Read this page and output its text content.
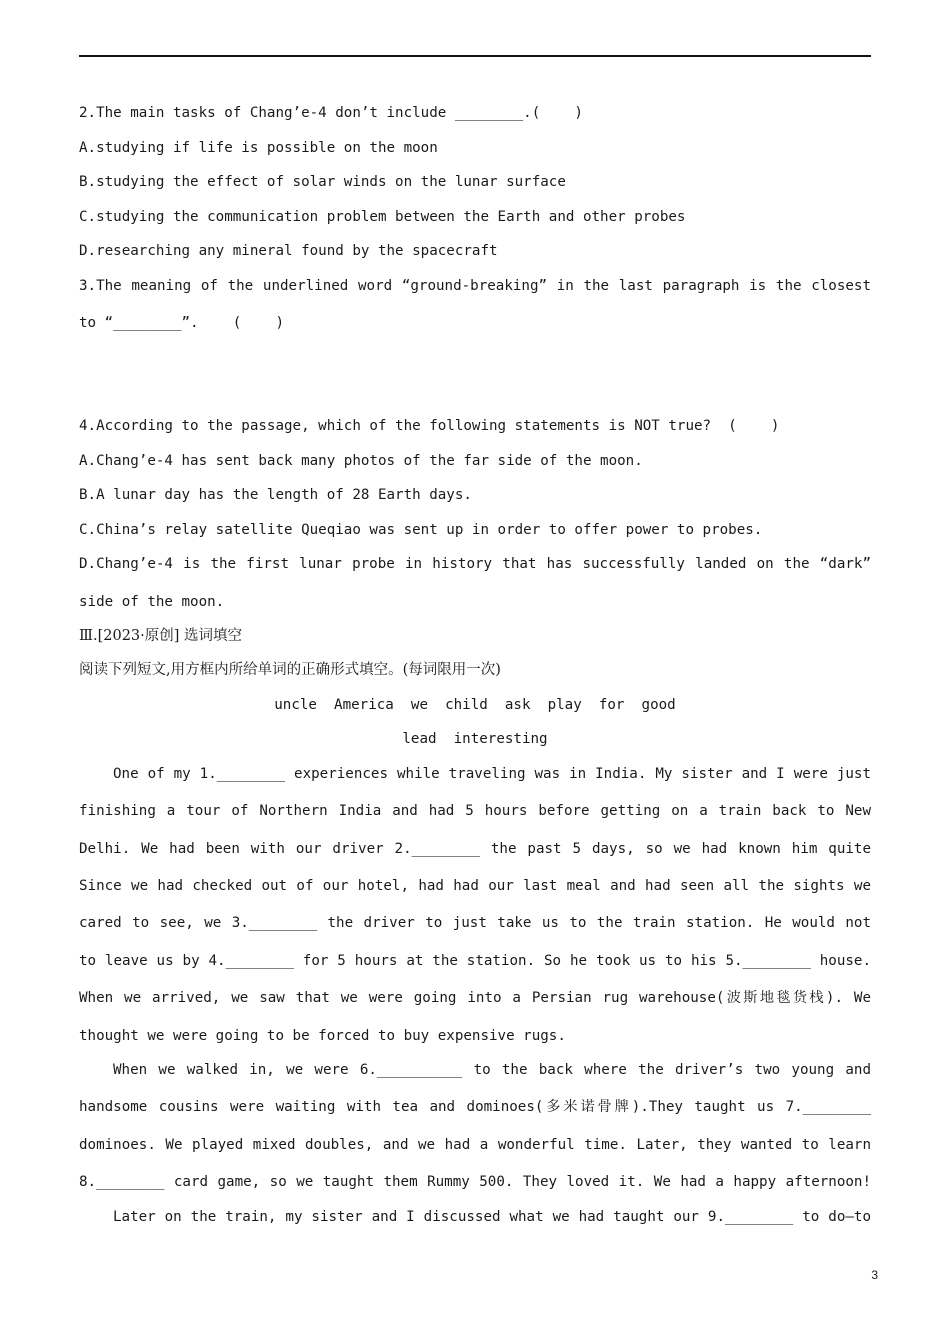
2.The main tasks of Chang’e-4 don’t include ________.(    )
A.studying if life is possible on the moon
B.studying the effect of solar winds on the lunar surface
C.studying the communication problem between the Earth and other probes
D.researching any mineral found by the spacecraft
3.The meaning of the underlined word “ground-breaking” in the last paragraph is the closest
to “________”.    (    )

4.According to the passage, which of the following statements is NOT true?  (    )
A.Chang’e-4 has sent back many photos of the far side of the moon.
B.A lunar day has the length of 28 Earth days.
C.China’s relay satellite Queqiao was sent up in order to offer power to probes.
D.Chang’e-4 is the first lunar probe in history that has successfully landed on the “dark”
side of the moon.
Ⅲ.[2023·原创] 选词填空
阅读下列短文,用方框内所给单词的正确形式填空。(每词限用一次)
uncle  America  we  child  ask  play  for  good
lead  interesting
One of my 1.________ experiences while traveling was in India. My sister and I were just
finishing a tour of Northern India and had 5 hours before getting on a train back to New
Delhi. We had been with our driver 2.________ the past 5 days, so we had known him quite
Since we had checked out of our hotel, had had our last meal and had seen all the sights we
cared to see, we 3.________ the driver to just take us to the train station. He would not
to leave us by 4.________ for 5 hours at the station. So he took us to his 5.________ house.
When we arrived, we saw that we were going into a Persian rug warehouse(波斯地毯货栈). We
thought we were going to be forced to buy expensive rugs.
When we walked in, we were 6.__________ to the back where the driver’s two young and
handsome cousins were waiting with tea and dominoes(多米诺骨牌).They taught us 7.________
dominoes. We played mixed doubles, and we had a wonderful time. Later, they wanted to learn
8.________ card game, so we taught them Rummy 500. They loved it. We had a happy afternoon!
Later on the train, my sister and I discussed what we had taught our 9.________ to do—to
3
